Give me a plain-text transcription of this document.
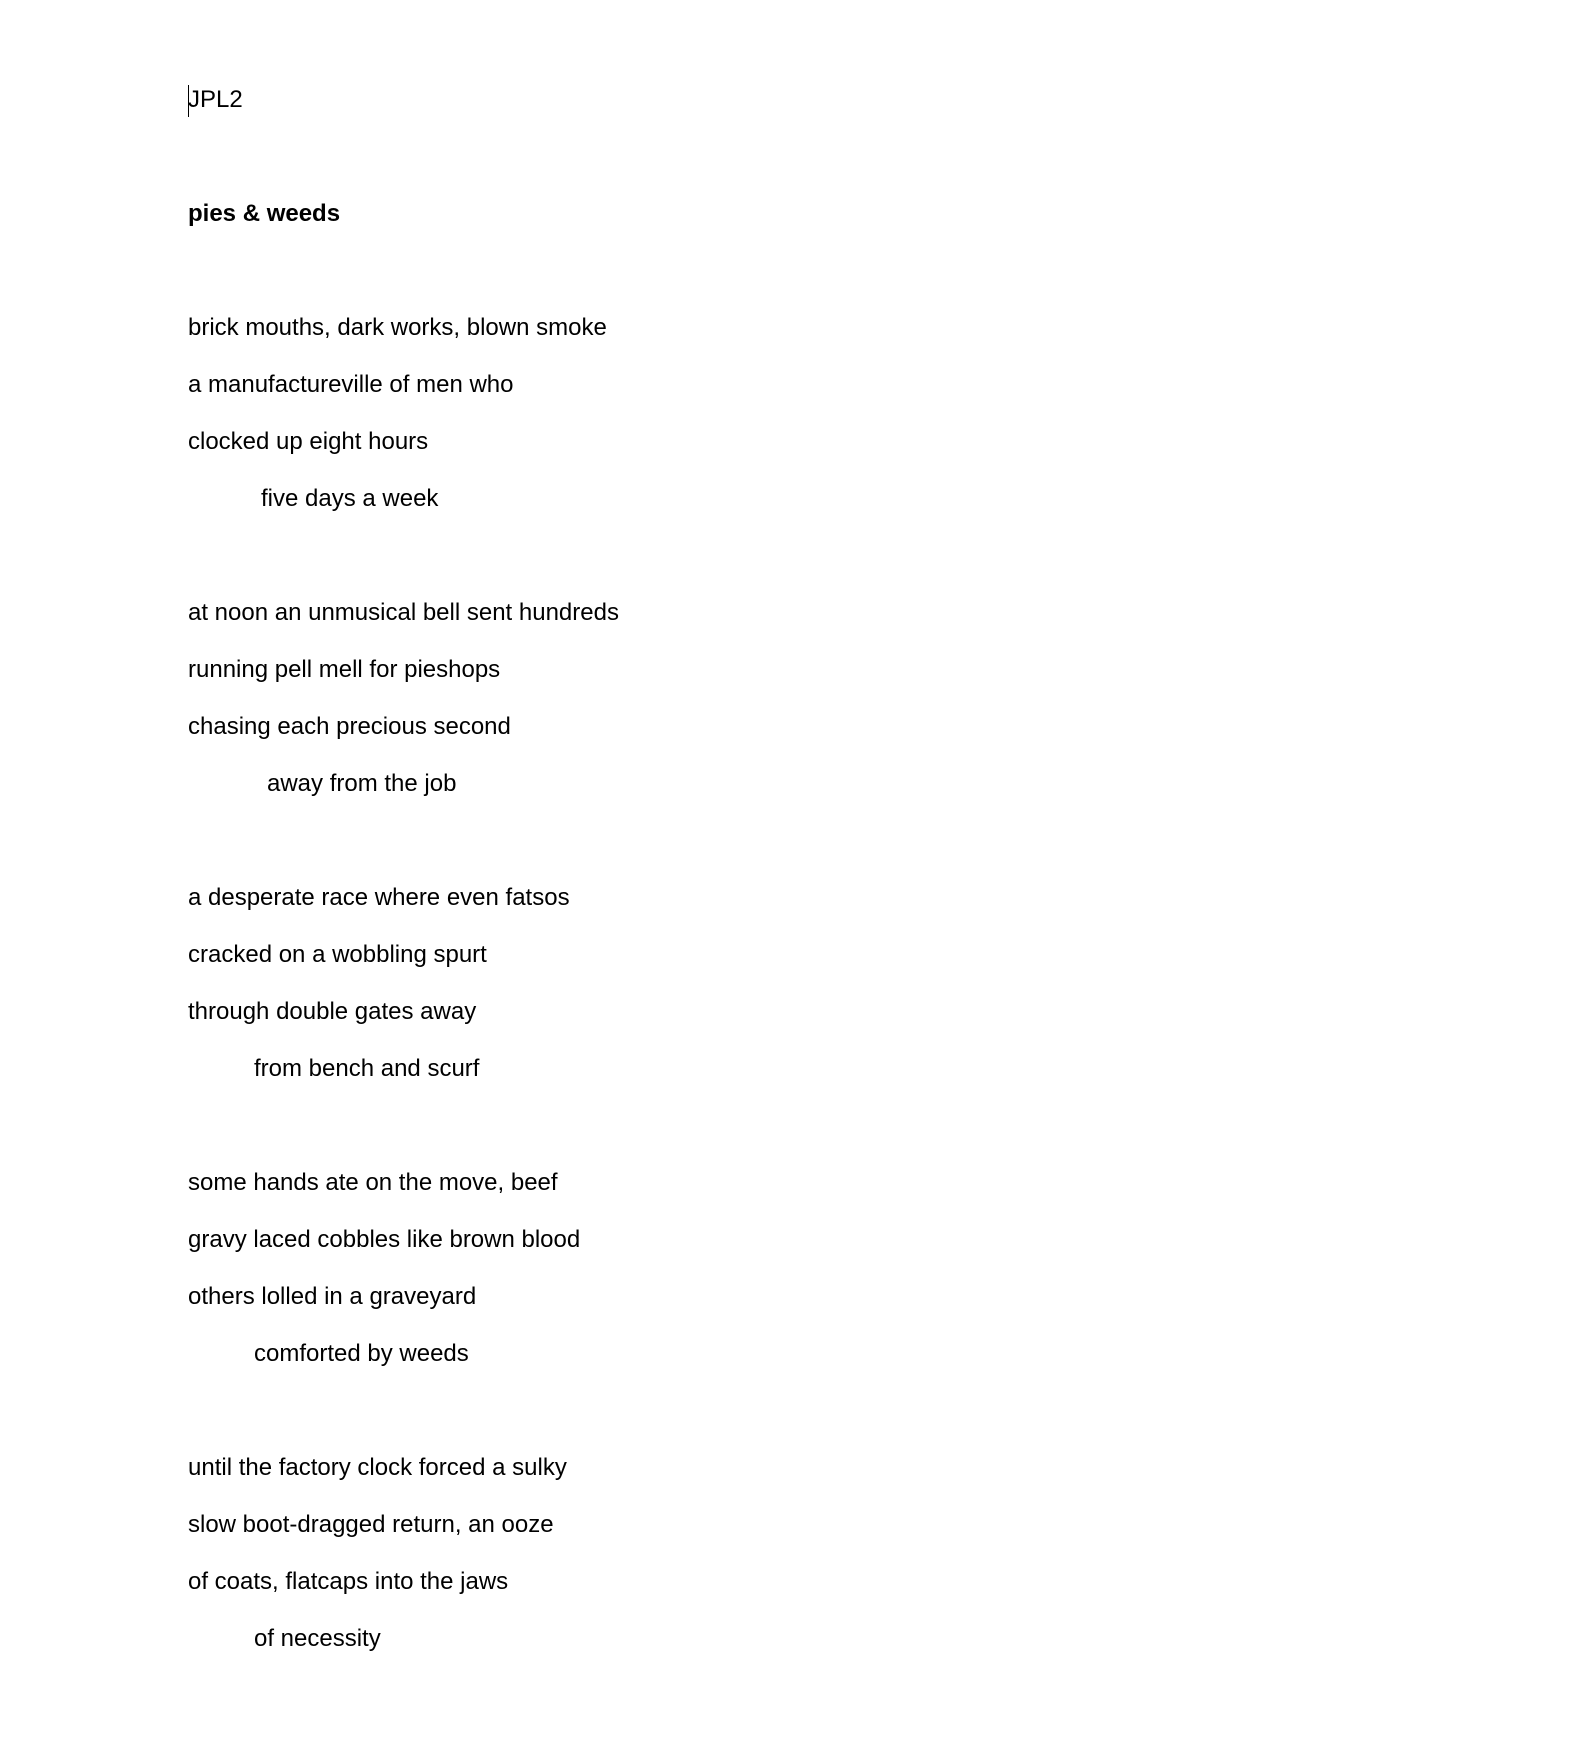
JPL2
pies & weeds
brick mouths, dark works, blown smoke
a manufactureville of men who
clocked up eight hours
five days a week
at noon an unmusical bell sent hundreds
running pell mell for pieshops
chasing each precious second
away from the job
a desperate race where even fatsos
cracked on a wobbling spurt
through double gates away
from bench and scurf
some hands ate on the move, beef
gravy laced cobbles like brown blood
others lolled in a graveyard
comforted by weeds
until the factory clock forced a sulky
slow boot-dragged return, an ooze
of coats, flatcaps into the jaws
of necessity
